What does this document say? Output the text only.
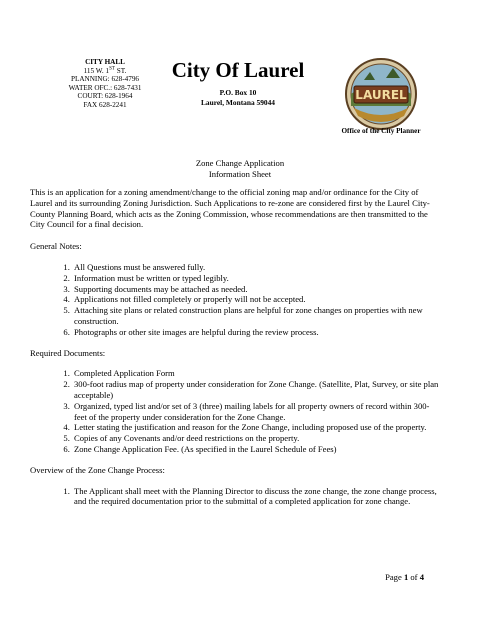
CITY HALL
115 W. 1ST ST.
PLANNING: 628-4796
WATER OFC.: 628-7431
COURT: 628-1964
FAX 628-2241
City Of Laurel
P.O. Box 10
Laurel, Montana 59044	LAUREL
Office of the City Planner
Zone Change Application
Information Sheet

This is an application for a zoning amendment/change to the official zoning map and/or ordinance for the City of Laurel and its surrounding Zoning Jurisdiction. Such Applications to re-zone are considered first by the Laurel City-County Planning Board, which acts as the Zoning Commission, whose recommendations are then transmitted to the City Council for a final decision.

General Notes:

1. All Questions must be answered fully.
2. Information must be written or typed legibly.
3. Supporting documents may be attached as needed.
4. Applications not filled completely or properly will not be accepted.
5. Attaching site plans or related construction plans are helpful for zone changes on properties with new construction.
6. Photographs or other site images are helpful during the review process.

Required Documents:

1. Completed Application Form
2. 300-foot radius map of property under consideration for Zone Change. (Satellite, Plat, Survey, or site plan acceptable)
3. Organized, typed list and/or set of 3 (three) mailing labels for all property owners of record within 300-feet of the property under consideration for the Zone Change.
4. Letter stating the justification and reason for the Zone Change, including proposed use of the property.
5. Copies of any Covenants and/or deed restrictions on the property.
6. Zone Change Application Fee. (As specified in the Laurel Schedule of Fees)

Overview of the Zone Change Process:

1. The Applicant shall meet with the Planning Director to discuss the zone change, the zone change process, and the required documentation prior to the submittal of a completed application for zone change.
Page 1 of 4
